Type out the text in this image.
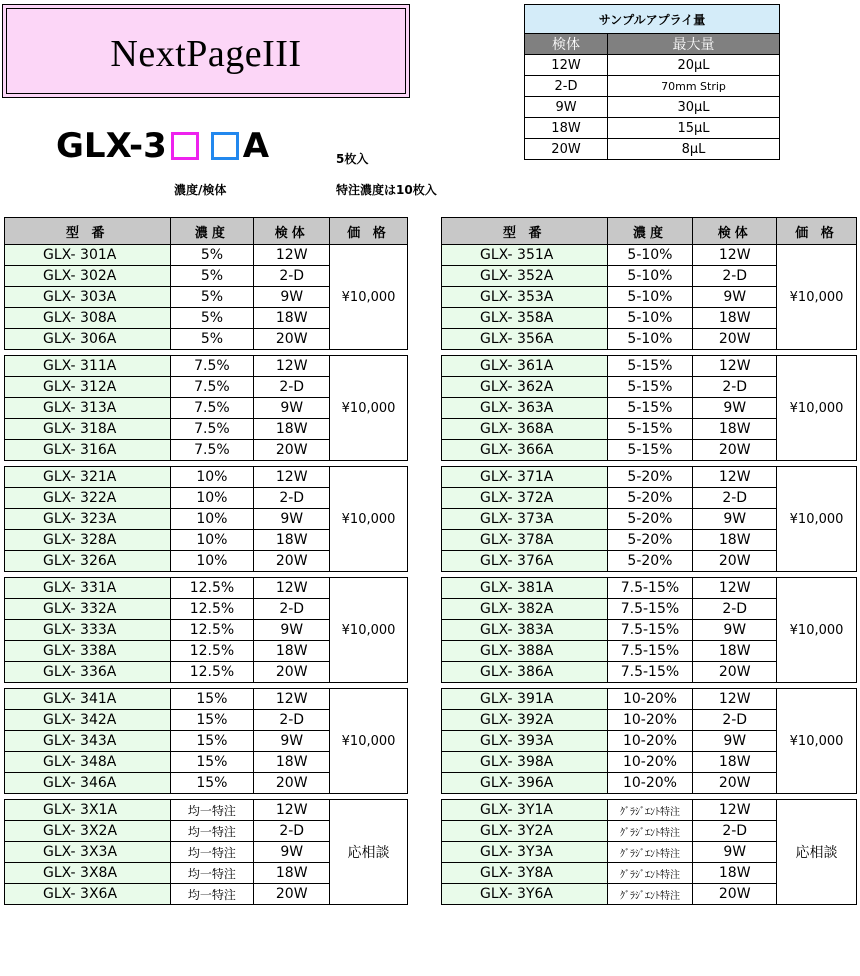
NextPageIII
サンプルアプライ量	
検体	最大量
12W	20μL
2-D	70mm Strip
9W	30μL
18W	15μL
20W	8μL
GLX-3 A	5枚入
濃度/検体	特注濃度は10枚入
型 番	濃度	検体	価 格
GLX- 301A	5%	12W	¥10,000
GLX- 302A	5%	2-D	
GLX- 303A	5%	9W	
GLX- 308A	5%	18W	
GLX- 306A	5%	20W	

GLX- 311A	7.5%	12W	¥10,000
GLX- 312A	7.5%	2-D	
GLX- 313A	7.5%	9W	
GLX- 318A	7.5%	18W	
GLX- 316A	7.5%	20W	

GLX- 321A	10%	12W	¥10,000
GLX- 322A	10%	2-D	
GLX- 323A	10%	9W	
GLX- 328A	10%	18W	
GLX- 326A	10%	20W	

GLX- 331A	12.5%	12W	¥10,000
GLX- 332A	12.5%	2-D	
GLX- 333A	12.5%	9W	
GLX- 338A	12.5%	18W	
GLX- 336A	12.5%	20W	

GLX- 341A	15%	12W	¥10,000
GLX- 342A	15%	2-D	
GLX- 343A	15%	9W	
GLX- 348A	15%	18W	
GLX- 346A	15%	20W	

GLX- 3X1A	均一特注	12W	応相談
GLX- 3X2A	均一特注	2-D	
GLX- 3X3A	均一特注	9W	
GLX- 3X8A	均一特注	18W	
GLX- 3X6A	均一特注	20W	
型 番	濃度	検体	価 格
GLX- 351A	5-10%	12W	¥10,000
GLX- 352A	5-10%	2-D	
GLX- 353A	5-10%	9W	
GLX- 358A	5-10%	18W	
GLX- 356A	5-10%	20W	

GLX- 361A	5-15%	12W	¥10,000
GLX- 362A	5-15%	2-D	
GLX- 363A	5-15%	9W	
GLX- 368A	5-15%	18W	
GLX- 366A	5-15%	20W	

GLX- 371A	5-20%	12W	¥10,000
GLX- 372A	5-20%	2-D	
GLX- 373A	5-20%	9W	
GLX- 378A	5-20%	18W	
GLX- 376A	5-20%	20W	

GLX- 381A	7.5-15%	12W	¥10,000
GLX- 382A	7.5-15%	2-D	
GLX- 383A	7.5-15%	9W	
GLX- 388A	7.5-15%	18W	
GLX- 386A	7.5-15%	20W	

GLX- 391A	10-20%	12W	¥10,000
GLX- 392A	10-20%	2-D	
GLX- 393A	10-20%	9W	
GLX- 398A	10-20%	18W	
GLX- 396A	10-20%	20W	

GLX- 3Y1A	ｸﾞﾗｼﾞｴﾝﾄ特注	12W	応相談
GLX- 3Y2A	ｸﾞﾗｼﾞｴﾝﾄ特注	2-D	
GLX- 3Y3A	ｸﾞﾗｼﾞｴﾝﾄ特注	9W	
GLX- 3Y8A	ｸﾞﾗｼﾞｴﾝﾄ特注	18W	
GLX- 3Y6A	ｸﾞﾗｼﾞｴﾝﾄ特注	20W	
